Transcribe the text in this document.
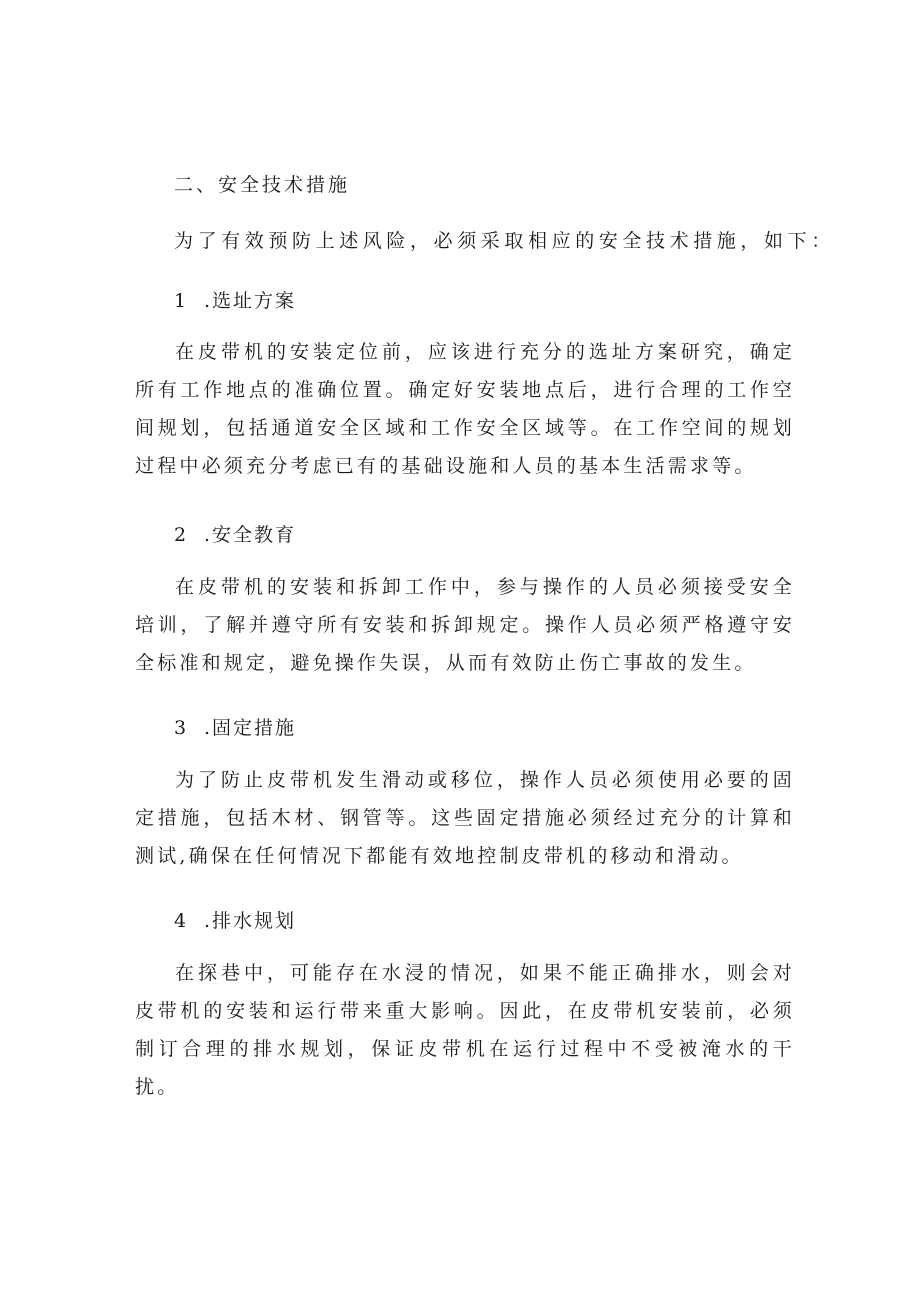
二、安全技术措施
为了有效预防上述风险，必须采取相应的安全技术措施，如下：
1 .选址方案
在皮带机的安装定位前，应该进行充分的选址方案研究，确定所有工作地点的准确位置。确定好安装地点后，进行合理的工作空间规划，包括通道安全区域和工作安全区域等。在工作空间的规划过程中必须充分考虑已有的基础设施和人员的基本生活需求等。
2 .安全教育
在皮带机的安装和拆卸工作中，参与操作的人员必须接受安全培训，了解并遵守所有安装和拆卸规定。操作人员必须严格遵守安全标准和规定，避免操作失误，从而有效防止伤亡事故的发生。
3 .固定措施
为了防止皮带机发生滑动或移位，操作人员必须使用必要的固定措施，包括木材、钢管等。这些固定措施必须经过充分的计算和测试,确保在任何情况下都能有效地控制皮带机的移动和滑动。
4 .排水规划
在探巷中，可能存在水浸的情况，如果不能正确排水，则会对皮带机的安装和运行带来重大影响。因此，在皮带机安装前，必须制订合理的排水规划，保证皮带机在运行过程中不受被淹水的干扰。
